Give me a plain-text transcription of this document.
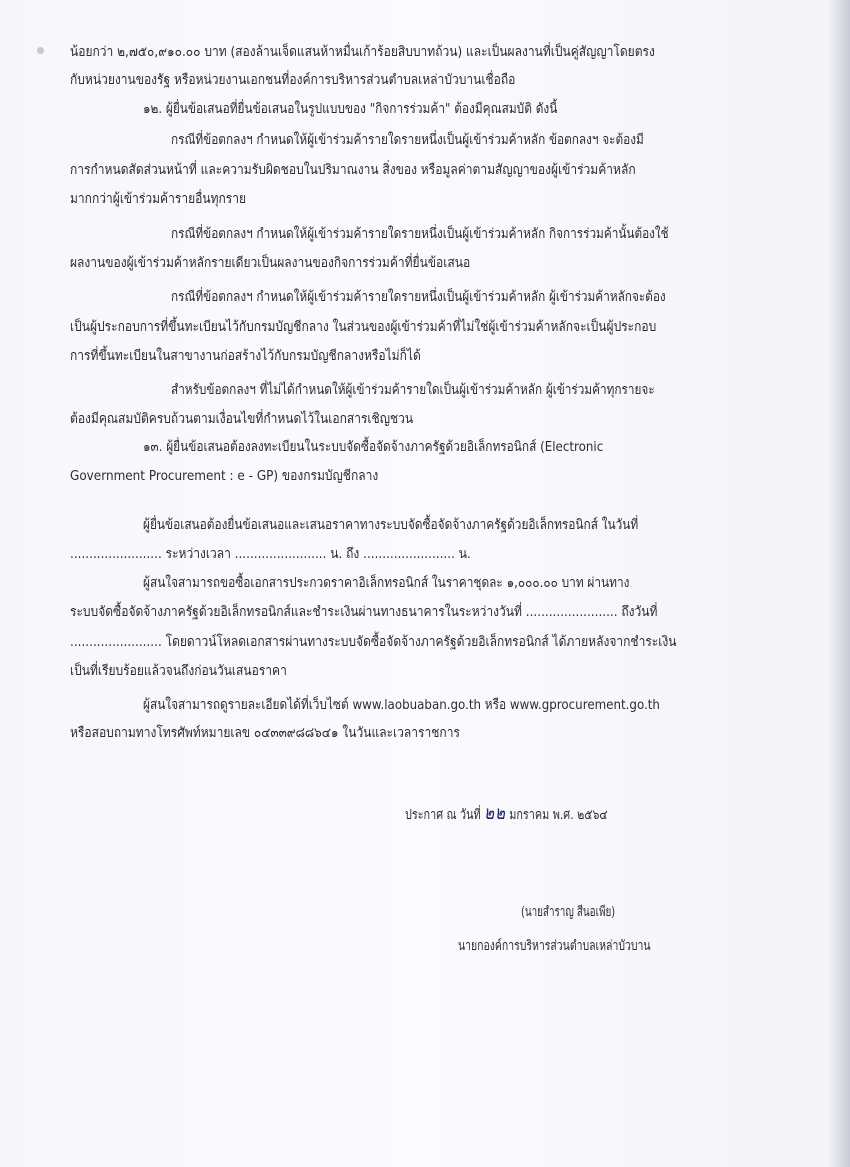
น้อยกว่า ๒,๗๕๐,๙๑๐.๐๐ บาท (สองล้านเจ็ดแสนห้าหมื่นเก้าร้อยสิบบาทถ้วน) และเป็นผลงานที่เป็นคู่สัญญาโดยตรง
กับหน่วยงานของรัฐ หรือหน่วยงานเอกชนที่องค์การบริหารส่วนตำบลเหล่าบัวบานเชื่อถือ
๑๒. ผู้ยื่นข้อเสนอที่ยื่นข้อเสนอในรูปแบบของ "กิจการร่วมค้า" ต้องมีคุณสมบัติ ดังนี้
กรณีที่ข้อตกลงฯ กำหนดให้ผู้เข้าร่วมค้ารายใดรายหนึ่งเป็นผู้เข้าร่วมค้าหลัก ข้อตกลงฯ จะต้องมี
การกำหนดสัดส่วนหน้าที่ และความรับผิดชอบในปริมาณงาน สิ่งของ หรือมูลค่าตามสัญญาของผู้เข้าร่วมค้าหลัก
มากกว่าผู้เข้าร่วมค้ารายอื่นทุกราย
กรณีที่ข้อตกลงฯ กำหนดให้ผู้เข้าร่วมค้ารายใดรายหนึ่งเป็นผู้เข้าร่วมค้าหลัก กิจการร่วมค้านั้นต้องใช้
ผลงานของผู้เข้าร่วมค้าหลักรายเดียวเป็นผลงานของกิจการร่วมค้าที่ยื่นข้อเสนอ
กรณีที่ข้อตกลงฯ กำหนดให้ผู้เข้าร่วมค้ารายใดรายหนึ่งเป็นผู้เข้าร่วมค้าหลัก ผู้เข้าร่วมค้าหลักจะต้อง
เป็นผู้ประกอบการที่ขึ้นทะเบียนไว้กับกรมบัญชีกลาง ในส่วนของผู้เข้าร่วมค้าที่ไม่ใช่ผู้เข้าร่วมค้าหลักจะเป็นผู้ประกอบ
การที่ขึ้นทะเบียนในสาขางานก่อสร้างไว้กับกรมบัญชีกลางหรือไม่ก็ได้
สำหรับข้อตกลงฯ ที่ไม่ได้กำหนดให้ผู้เข้าร่วมค้ารายใดเป็นผู้เข้าร่วมค้าหลัก ผู้เข้าร่วมค้าทุกรายจะ
ต้องมีคุณสมบัติครบถ้วนตามเงื่อนไขที่กำหนดไว้ในเอกสารเชิญชวน
๑๓. ผู้ยื่นข้อเสนอต้องลงทะเบียนในระบบจัดซื้อจัดจ้างภาครัฐด้วยอิเล็กทรอนิกส์ (Electronic
Government Procurement : e - GP) ของกรมบัญชีกลาง
ผู้ยื่นข้อเสนอต้องยื่นข้อเสนอและเสนอราคาทางระบบจัดซื้อจัดจ้างภาครัฐด้วยอิเล็กทรอนิกส์ ในวันที่
........................ ระหว่างเวลา ........................ น. ถึง ........................ น.
ผู้สนใจสามารถขอซื้อเอกสารประกวดราคาอิเล็กทรอนิกส์ ในราคาชุดละ ๑,๐๐๐.๐๐ บาท ผ่านทาง
ระบบจัดซื้อจัดจ้างภาครัฐด้วยอิเล็กทรอนิกส์และชำระเงินผ่านทางธนาคารในระหว่างวันที่ ........................ ถึงวันที่
........................ โดยดาวน์โหลดเอกสารผ่านทางระบบจัดซื้อจัดจ้างภาครัฐด้วยอิเล็กทรอนิกส์ ได้ภายหลังจากชำระเงิน
เป็นที่เรียบร้อยแล้วจนถึงก่อนวันเสนอราคา
ผู้สนใจสามารถดูรายละเอียดได้ที่เว็บไซต์ www.laobuaban.go.th หรือ www.gprocurement.go.th
หรือสอบถามทางโทรศัพท์หมายเลข ๐๔๓๓๙๘๘๖๔๑ ในวันและเวลาราชการ
ประกาศ ณ วันที่ ๒๒ มกราคม พ.ศ. ๒๕๖๔
(นายสำราญ สีนอเพีย)
นายกองค์การบริหารส่วนตำบลเหล่าบัวบาน
